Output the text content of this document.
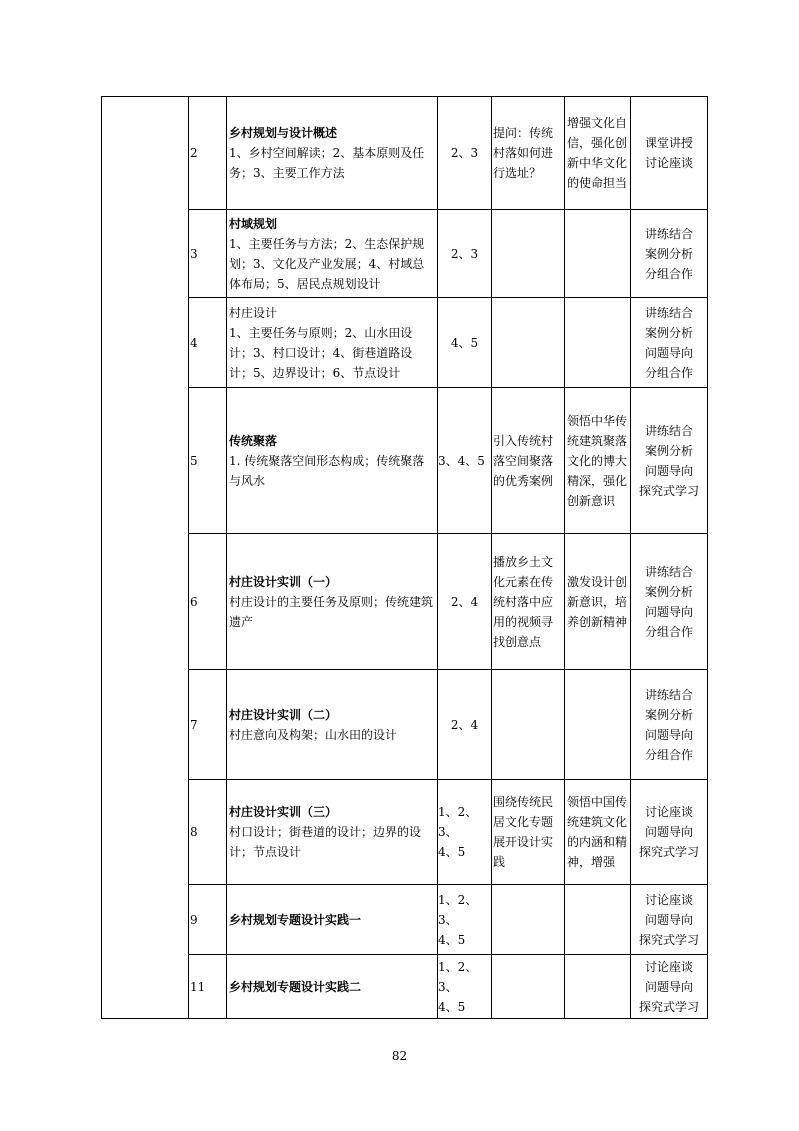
	2	乡村规划与设计概述
1、乡村空间解读；2、基本原则及任务；3、主要工作方法	2、3	提问：传统村落如何进行选址？	增强文化自信，强化创新中华文化的使命担当	课堂讲授
讨论座谈

	3	村域规划
1、主要任务与方法；2、生态保护规划；3、文化及产业发展；4、村域总体布局；5、居民点规划设计	2、3			讲练结合
案例分析
分组合作

	4	村庄设计
1、主要任务与原则；2、山水田设计；3、村口设计；4、街巷道路设计；5、边界设计；6、节点设计	4、5			讲练结合
案例分析
问题导向
分组合作

	5	传统聚落
1. 传统聚落空间形态构成；传统聚落与风水	3、4、5	引入传统村落空间聚落的优秀案例	领悟中华传统建筑聚落文化的博大精深，强化创新意识	讲练结合
案例分析
问题导向
探究式学习

	6	村庄设计实训（一）
村庄设计的主要任务及原则；传统建筑遗产	2、4	播放乡土文化元素在传统村落中应用的视频寻找创意点	激发设计创新意识，培养创新精神	讲练结合
案例分析
问题导向
分组合作

	7	村庄设计实训（二）
村庄意向及构架；山水田的设计	2、4			讲练结合
案例分析
问题导向
分组合作

	8	村庄设计实训（三）
村口设计；街巷道的设计；边界的设计；节点设计	1、2、3、
4、5	围绕传统民居文化专题展开设计实践	领悟中国传统建筑文化的内涵和精神，增强	讨论座谈
问题导向
探究式学习

	9	乡村规划专题设计实践一	1、2、3、
4、5			讨论座谈
问题导向
探究式学习

	11	乡村规划专题设计实践二	1、2、3、
4、5			讨论座谈
问题导向
探究式学习
82
